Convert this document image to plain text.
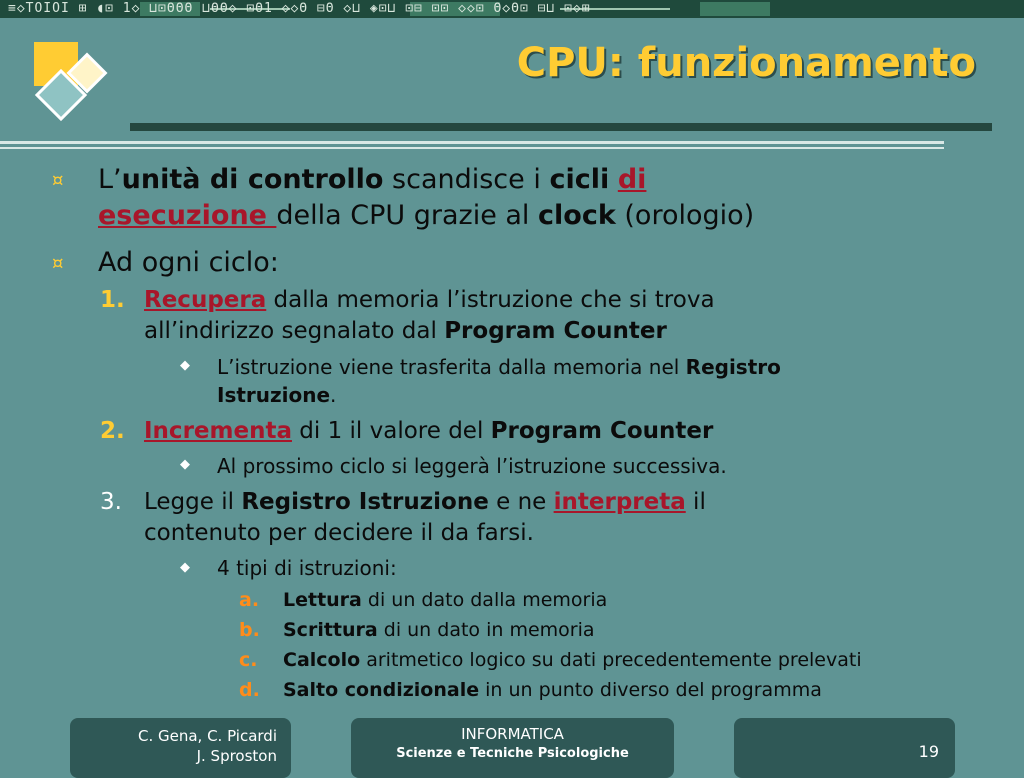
≡◇TOIOI ⊞ ◖⊡ 1◇ ⊔⊡ΘΘΘ ⊔ΘΘ◇ ⊡Θ1 ◇◇Θ ⊟Θ ◇⊔ ◈⊡⊔ ⊡⊟ ⊡⊡ ◇◇⊡ Θ◇Θ⊡ ⊟⊔ ⊡◇⊞
CPU: funzionamento
¤ L’unità di controllo scandisce i cicli di
esecuzione della CPU grazie al clock (orologio)
¤ Ad ogni ciclo:
1. Recupera dalla memoria l’istruzione che si trova
all’indirizzo segnalato dal Program Counter
◆ L’istruzione viene trasferita dalla memoria nel Registro
Istruzione.
2. Incrementa di 1 il valore del Program Counter
◆ Al prossimo ciclo si leggerà l’istruzione successiva.
3. Legge il Registro Istruzione e ne interpreta il
contenuto per decidere il da farsi.
◆ 4 tipi di istruzioni:
a. Lettura di un dato dalla memoria
b. Scrittura di un dato in memoria
c. Calcolo aritmetico logico su dati precedentemente prelevati
d. Salto condizionale in un punto diverso del programma
C. Gena, C. Picardi
J. Sproston
INFORMATICA
Scienze e Tecniche Psicologiche	19
